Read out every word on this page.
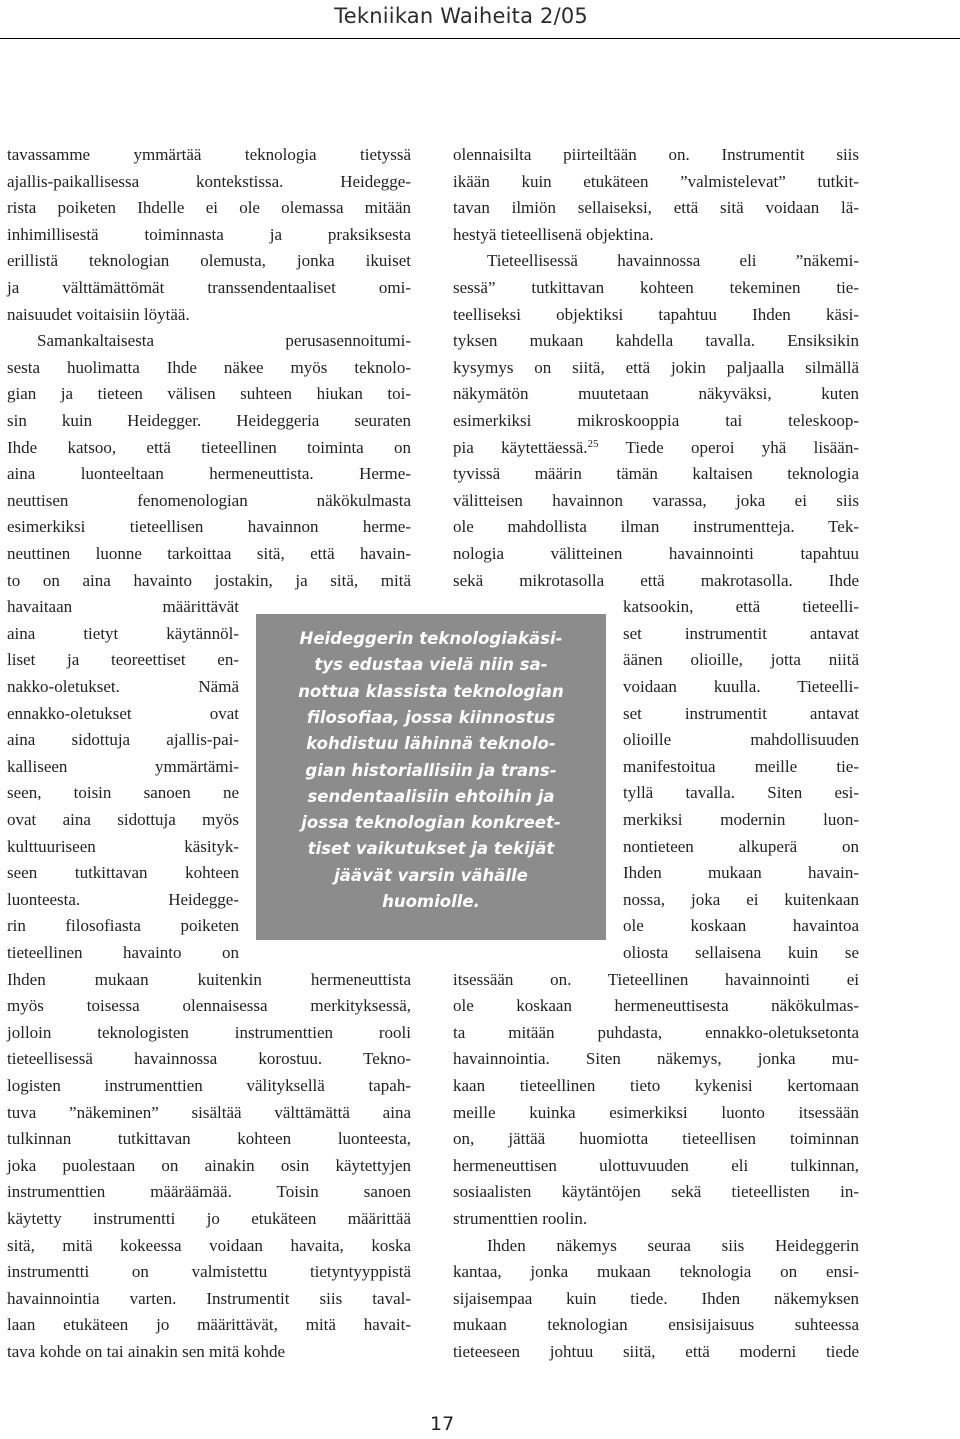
Tekniikan Waiheita 2/05
tavassamme ymmärtää teknologia tietyssä
ajallis-paikallisessa kontekstissa. Heidegge-
rista poiketen Ihdelle ei ole olemassa mitään
inhimillisestä toiminnasta ja praksiksesta
erillistä teknologian olemusta, jonka ikuiset
ja välttämättömät transsendentaaliset omi-
naisuudet voitaisiin löytää.
Samankaltaisesta perusasennoitumi-
sesta huolimatta Ihde näkee myös teknolo-
gian ja tieteen välisen suhteen hiukan toi-
sin kuin Heidegger. Heideggeria seuraten
Ihde katsoo, että tieteellinen toiminta on
aina luonteeltaan hermeneuttista. Herme-
neuttisen fenomenologian näkökulmasta
esimerkiksi tieteellisen havainnon herme-
neuttinen luonne tarkoittaa sitä, että havain-
to on aina havainto jostakin, ja sitä, mitä
havaitaan määrittävät
aina tietyt käytännöl-
liset ja teoreettiset en-
nakko-oletukset. Nämä
ennakko-oletukset ovat
aina sidottuja ajallis-pai-
kalliseen ymmärtämi-
seen, toisin sanoen ne
ovat aina sidottuja myös
kulttuuriseen käsityk-
seen tutkittavan kohteen
luonteesta. Heidegge-
rin filosofiasta poiketen
tieteellinen havainto on
Ihden mukaan kuitenkin hermeneuttista
myös toisessa olennaisessa merkityksessä,
jolloin teknologisten instrumenttien rooli
tieteellisessä havainnossa korostuu. Tekno-
logisten instrumenttien välityksellä tapah-
tuva ”näkeminen” sisältää välttämättä aina
tulkinnan tutkittavan kohteen luonteesta,
joka puolestaan on ainakin osin käytettyjen
instrumenttien määräämää. Toisin sanoen
käytetty instrumentti jo etukäteen määrittää
sitä, mitä kokeessa voidaan havaita, koska
instrumentti on valmistettu tietyntyyppistä
havainnointia varten. Instrumentit siis taval-
laan etukäteen jo määrittävät, mitä havait-
tava kohde on tai ainakin sen mitä kohde
olennaisilta piirteiltään on. Instrumentit siis
ikään kuin etukäteen ”valmistelevat” tutkit-
tavan ilmiön sellaiseksi, että sitä voidaan lä-
hestyä tieteellisenä objektina.
Tieteellisessä havainnossa eli ”näkemi-
sessä” tutkittavan kohteen tekeminen tie-
teelliseksi objektiksi tapahtuu Ihden käsi-
tyksen mukaan kahdella tavalla. Ensiksikin
kysymys on siitä, että jokin paljaalla silmällä
näkymätön muutetaan näkyväksi, kuten
esimerkiksi mikroskooppia tai teleskoop-
pia käytettäessä.$^{25}$ Tiede operoi yhä lisään-
tyvissä määrin tämän kaltaisen teknologia
välitteisen havainnon varassa, joka ei siis
ole mahdollista ilman instrumentteja. Tek-
nologia välitteinen havainnointi tapahtuu
sekä mikrotasolla että makrotasolla. Ihde
katsookin, että tieteelli-
set instrumentit antavat
äänen olioille, jotta niitä
voidaan kuulla. Tieteelli-
set instrumentit antavat
olioille mahdollisuuden
manifestoitua meille tie-
tyllä tavalla. Siten esi-
merkiksi modernin luon-
nontieteen alkuperä on
Ihden mukaan havain-
nossa, joka ei kuitenkaan
ole koskaan havaintoa
oliosta sellaisena kuin se
itsessään on. Tieteellinen havainnointi ei
ole koskaan hermeneuttisesta näkökulmas-
ta mitään puhdasta, ennakko-oletuksetonta
havainnointia. Siten näkemys, jonka mu-
kaan tieteellinen tieto kykenisi kertomaan
meille kuinka esimerkiksi luonto itsessään
on, jättää huomiotta tieteellisen toiminnan
hermeneuttisen ulottuvuuden eli tulkinnan,
sosiaalisten käytäntöjen sekä tieteellisten in-
strumenttien roolin.
Ihden näkemys seuraa siis Heideggerin
kantaa, jonka mukaan teknologia on ensi-
sijaisempaa kuin tiede. Ihden näkemyksen
mukaan teknologian ensisijaisuus suhteessa
tieteeseen johtuu siitä, että moderni tiede
Heideggerin teknologiakäsi-
tys edustaa vielä niin sa-
nottua klassista teknologian
filosofiaa, jossa kiinnostus
kohdistuu lähinnä teknolo-
gian historiallisiin ja trans-
sendentaalisiin ehtoihin ja
jossa teknologian konkreet-
tiset vaikutukset ja tekijät
jäävät varsin vähälle
huomiolle.
17
